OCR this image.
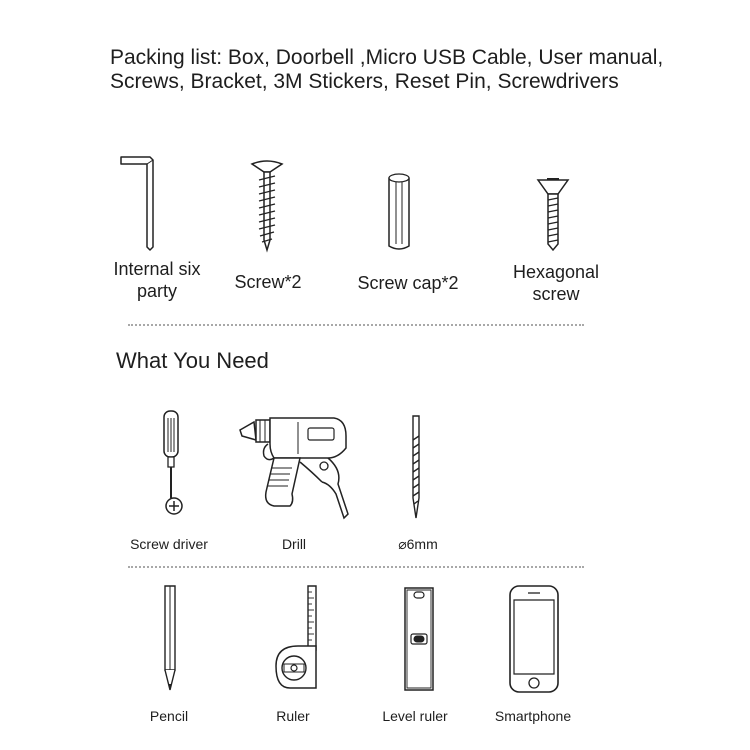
Packing list: Box, Doorbell ,Micro USB Cable, User manual, Screws, Bracket, 3M Stickers, Reset Pin, Screwdrivers
Internal six party	Screw*2	Screw cap*2
Hexagonal screw
What You Need
Screw driver	Drill	⌀6mm
Pencil	Ruler	Level ruler	Smartphone
